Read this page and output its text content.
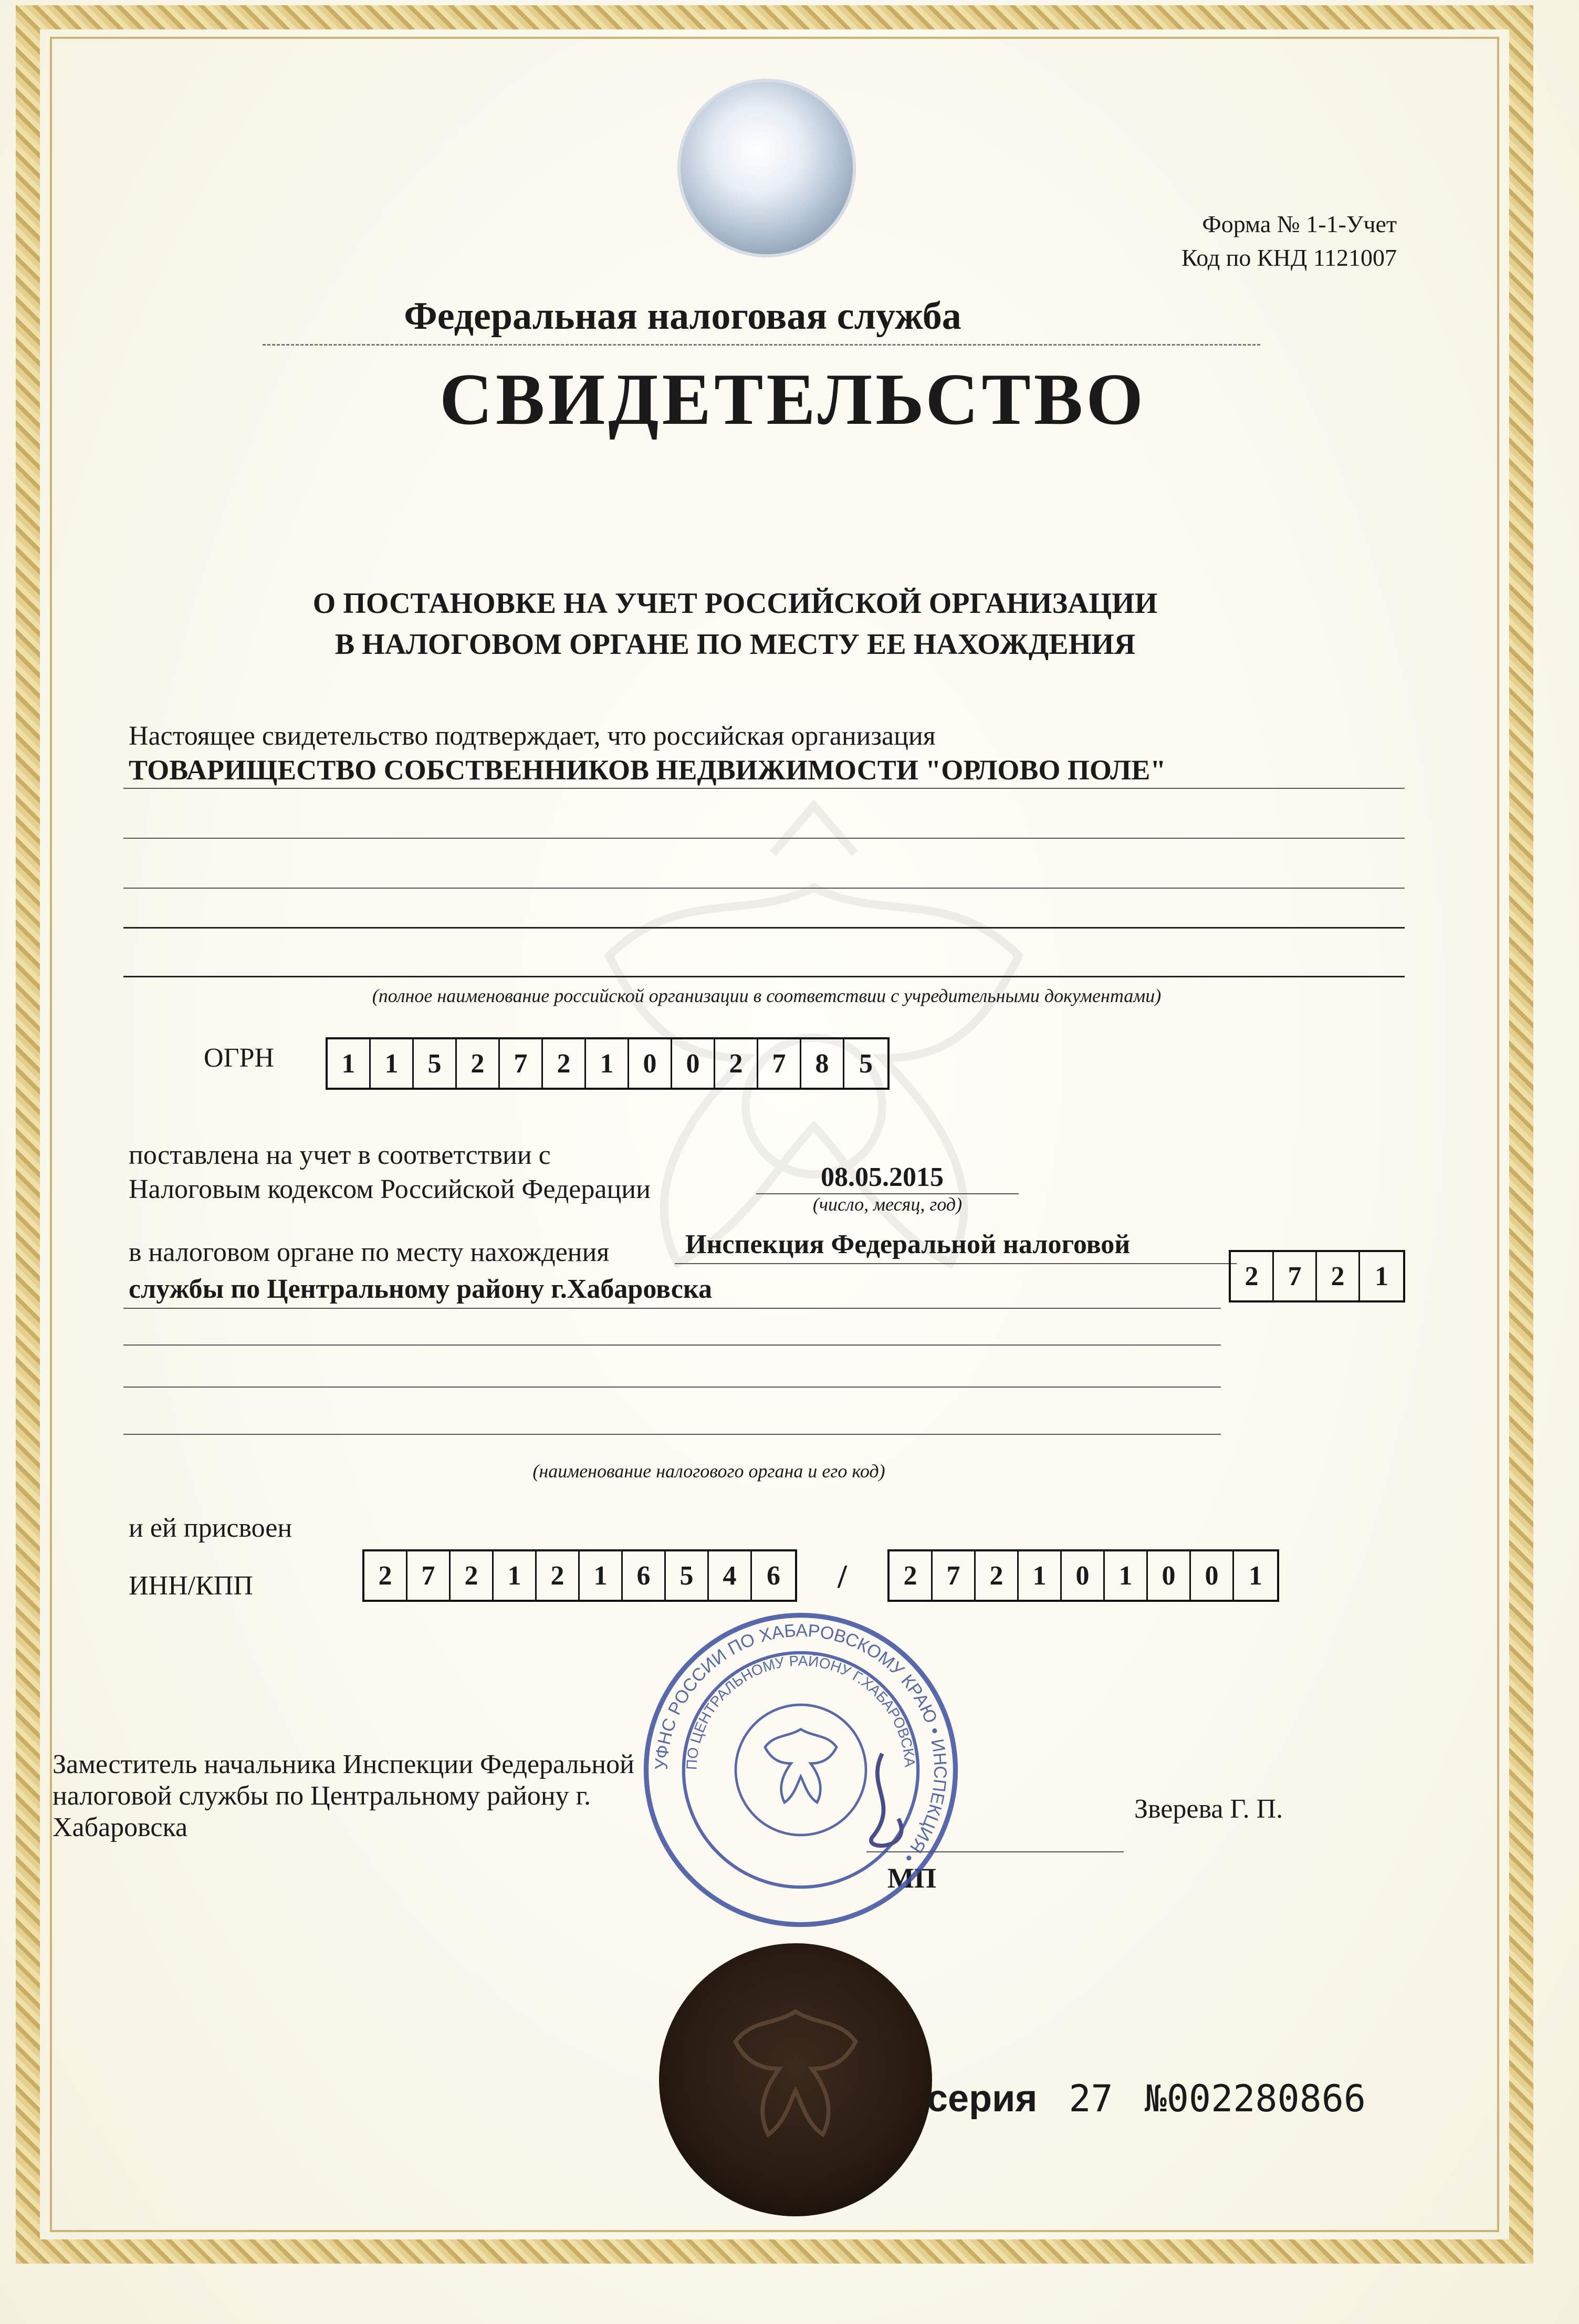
Форма № 1-1-Учет
Код по КНД 1121007
Федеральная налоговая служба
СВИДЕТЕЛЬСТВО
О ПОСТАНОВКЕ НА УЧЕТ РОССИЙСКОЙ ОРГАНИЗАЦИИ
В НАЛОГОВОМ ОРГАНЕ ПО МЕСТУ ЕЕ НАХОЖДЕНИЯ
Настоящее свидетельство подтверждает, что российская организация
ТОВАРИЩЕСТВО СОБСТВЕННИКОВ НЕДВИЖИМОСТИ "ОРЛОВО ПОЛЕ"
(полное наименование российской организации в соответствии с учредительными документами)
ОГРН	1	1	5	2	7	2	1	0	0	2	7	8	5
поставлена на учет в соответствии с
Налоговым кодексом Российской Федерации	08.05.2015
(число, месяц, год)
в налоговом органе по месту нахождения	Инспекция Федеральной налоговой
службы по Центральному району г.Хабаровска	2	7	2	1
(наименование налогового органа и его код)
и ей присвоен
ИНН/КПП	2	7	2	1	2	1	6	5	4	6	/	2	7	2	1	0	1	0	0	1
Заместитель начальника Инспекции Федеральной
налоговой службы по Центральному району г.
Хабаровска
Зверева Г. П.
МП
УФНС РОССИИ ПО ХАБАРОВСКОМУ КРАЮ • ИНСПЕКЦИЯ •
ПО ЦЕНТРАЛЬНОМУ РАЙОНУ Г.ХАБАРОВСКА
серия 27 №002280866
